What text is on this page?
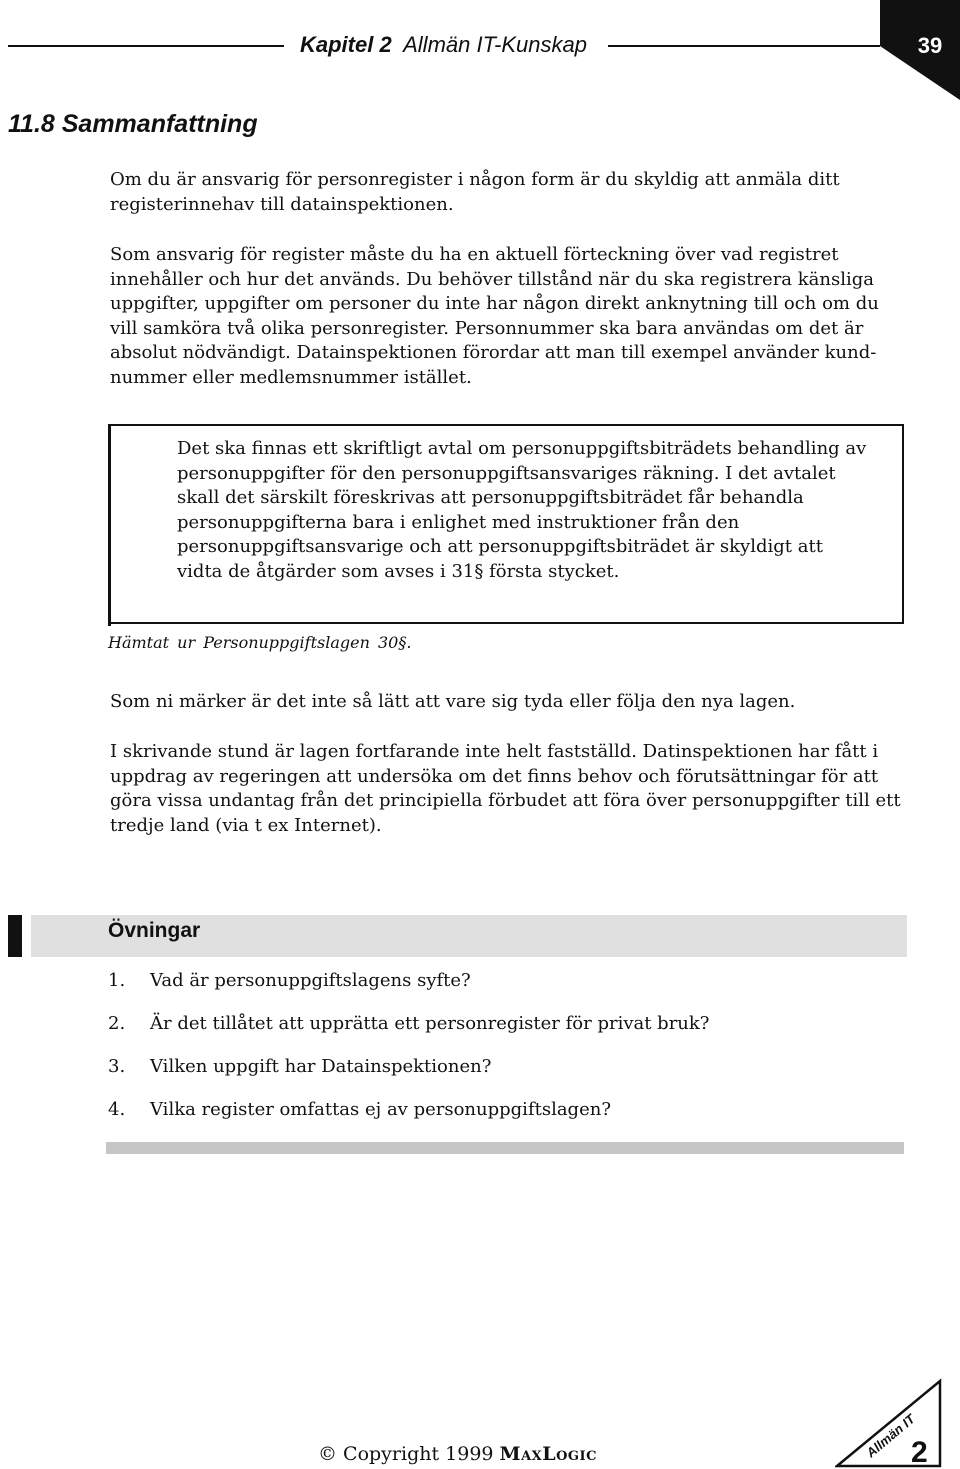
Kapitel 2 Allmän IT-Kunskap	39
11.8 Sammanfattning

Om du är ansvarig för personregister i någon form är du skyldig att anmäla ditt registerinnehav till datainspektionen.

Som ansvarig för register måste du ha en aktuell förteckning över vad registret innehåller och hur det används. Du behöver tillstånd när du ska registrera känsliga uppgifter, uppgifter om personer du inte har någon direkt anknytning till och om du vill samköra två olika personregister. Personnummer ska bara användas om det är absolut nödvändigt. Datainspektionen förordar att man till exempel använder kundnummer eller medlemsnummer istället.

Det ska finnas ett skriftligt avtal om personuppgiftsbiträdets behandling av personuppgifter för den personuppgiftsansvariges räkning. I det avtalet skall det särskilt föreskrivas att personuppgiftsbiträdet får behandla personuppgifterna bara i enlighet med instruktioner från den personuppgiftsansvarige och att personuppgiftsbiträdet är skyldigt att vidta de åtgärder som avses i 31§ första stycket.

Hämtat ur Personuppgiftslagen 30§.

Som ni märker är det inte så lätt att vare sig tyda eller följa den nya lagen.

I skrivande stund är lagen fortfarande inte helt fastställd. Datinspektionen har fått i uppdrag av regeringen att undersöka om det finns behov och förutsättningar för att göra vissa undantag från det principiella förbudet att föra över personuppgifter till ett tredje land (via t ex Internet).

Övningar
1. Vad är personuppgiftslagens syfte?
2. Är det tillåtet att upprätta ett personregister för privat bruk?
3. Vilken uppgift har Datainspektionen?
4. Vilka register omfattas ej av personuppgiftslagen?
© Copyright 1999 MaxLogic	Allmän IT
2
